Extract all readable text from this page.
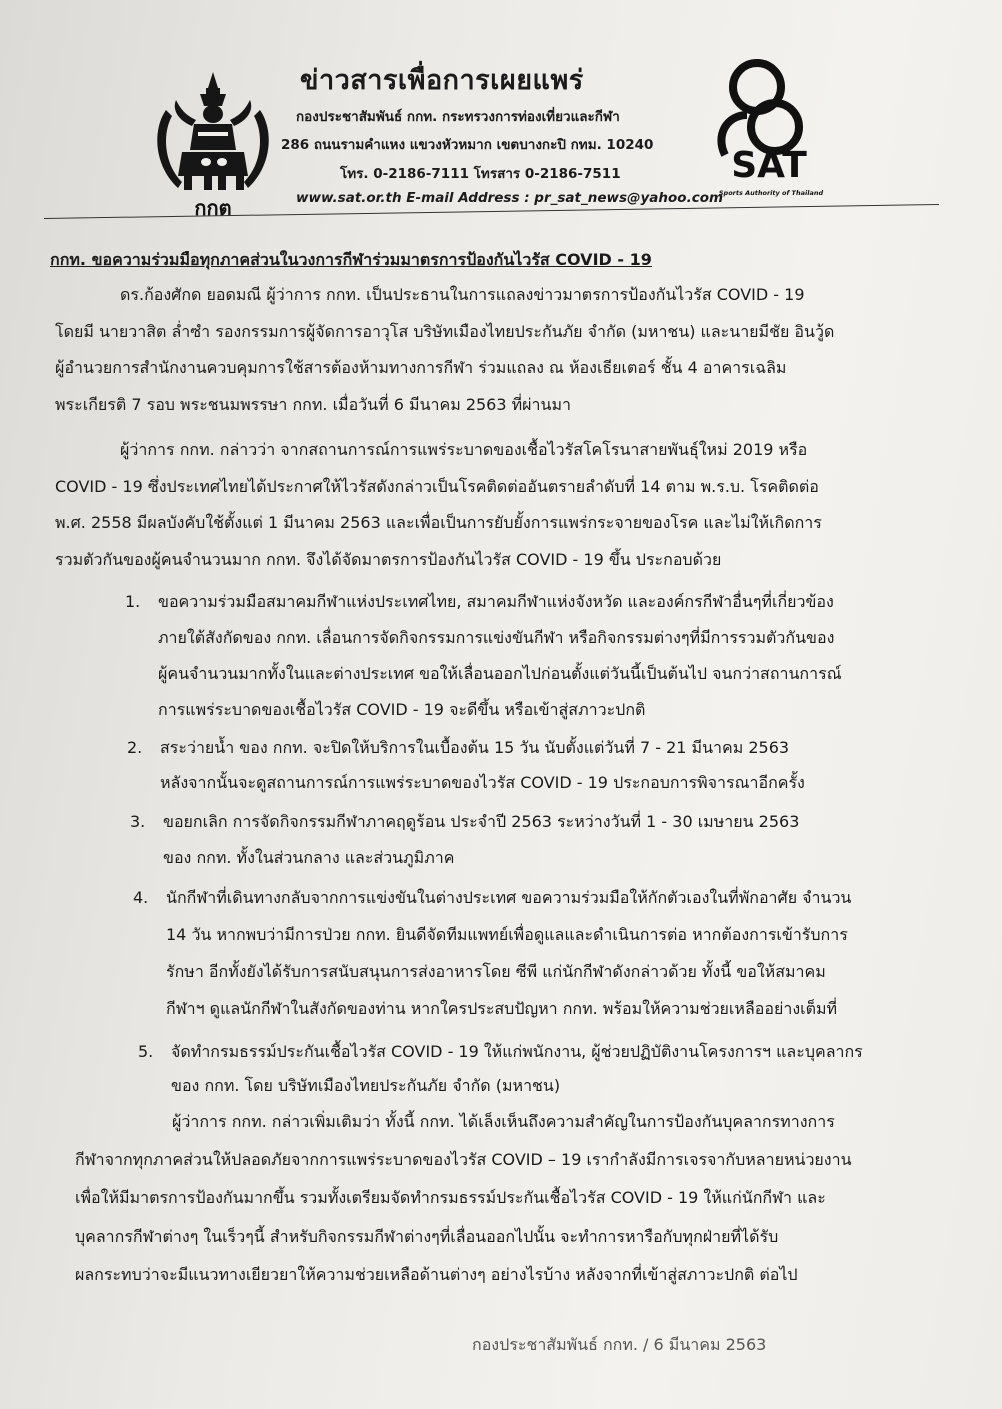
กกต
ข่าวสารเพื่อการเผยแพร่
กองประชาสัมพันธ์ กกท. กระทรวงการท่องเที่ยวและกีฬา
286 ถนนรามคำแหง แขวงหัวหมาก เขตบางกะปิ กทม. 10240
โทร. 0-2186-7111 โทรสาร 0-2186-7511
www.sat.or.th E-mail Address : pr_sat_news@yahoo.com
SAT
Sports Authority of Thailand
กกท. ขอความร่วมมือทุกภาคส่วนในวงการกีฬาร่วมมาตรการป้องกันไวรัส COVID - 19
ดร.ก้องศักด ยอดมณี ผู้ว่าการ กกท. เป็นประธานในการแถลงข่าวมาตรการป้องกันไวรัส COVID - 19
โดยมี นายวาสิต ล่ำซำ รองกรรมการผู้จัดการอาวุโส บริษัทเมืองไทยประกันภัย จำกัด (มหาชน) และนายมีชัย อินวู้ด
ผู้อำนวยการสำนักงานควบคุมการใช้สารต้องห้ามทางการกีฬา ร่วมแถลง ณ ห้องเธียเตอร์ ชั้น 4 อาคารเฉลิม
พระเกียรติ 7 รอบ พระชนมพรรษา กกท. เมื่อวันที่ 6 มีนาคม 2563 ที่ผ่านมา
ผู้ว่าการ กกท. กล่าวว่า จากสถานการณ์การแพร่ระบาดของเชื้อไวรัสโคโรนาสายพันธุ์ใหม่ 2019 หรือ
COVID - 19 ซึ่งประเทศไทยได้ประกาศให้ไวรัสดังกล่าวเป็นโรคติดต่ออันตรายลำดับที่ 14 ตาม พ.ร.บ. โรคติดต่อ
พ.ศ. 2558 มีผลบังคับใช้ตั้งแต่ 1 มีนาคม 2563 และเพื่อเป็นการยับยั้งการแพร่กระจายของโรค และไม่ให้เกิดการ
รวมตัวกันของผู้คนจำนวนมาก กกท. จึงได้จัดมาตรการป้องกันไวรัส COVID - 19 ขึ้น ประกอบด้วย
1. ขอความร่วมมือสมาคมกีฬาแห่งประเทศไทย, สมาคมกีฬาแห่งจังหวัด และองค์กรกีฬาอื่นๆที่เกี่ยวข้อง
ภายใต้สังกัดของ กกท. เลื่อนการจัดกิจกรรมการแข่งขันกีฬา หรือกิจกรรมต่างๆที่มีการรวมตัวกันของ
ผู้คนจำนวนมากทั้งในและต่างประเทศ ขอให้เลื่อนออกไปก่อนตั้งแต่วันนี้เป็นต้นไป จนกว่าสถานการณ์
การแพร่ระบาดของเชื้อไวรัส COVID - 19 จะดีขึ้น หรือเข้าสู่สภาวะปกติ
2. สระว่ายน้ำ ของ กกท. จะปิดให้บริการในเบื้องต้น 15 วัน นับตั้งแต่วันที่ 7 - 21 มีนาคม 2563
หลังจากนั้นจะดูสถานการณ์การแพร่ระบาดของไวรัส COVID - 19 ประกอบการพิจารณาอีกครั้ง
3. ขอยกเลิก การจัดกิจกรรมกีฬาภาคฤดูร้อน ประจำปี 2563 ระหว่างวันที่ 1 - 30 เมษายน 2563
ของ กกท. ทั้งในส่วนกลาง และส่วนภูมิภาค
4. นักกีฬาที่เดินทางกลับจากการแข่งขันในต่างประเทศ ขอความร่วมมือให้กักตัวเองในที่พักอาศัย จำนวน
14 วัน หากพบว่ามีการป่วย กกท. ยินดีจัดทีมแพทย์เพื่อดูแลและดำเนินการต่อ หากต้องการเข้ารับการ
รักษา อีกทั้งยังได้รับการสนับสนุนการส่งอาหารโดย ซีพี แก่นักกีฬาดังกล่าวด้วย ทั้งนี้ ขอให้สมาคม
กีฬาฯ ดูแลนักกีฬาในสังกัดของท่าน หากใครประสบปัญหา กกท. พร้อมให้ความช่วยเหลืออย่างเต็มที่
5. จัดทำกรมธรรม์ประกันเชื้อไวรัส COVID - 19 ให้แก่พนักงาน, ผู้ช่วยปฏิบัติงานโครงการฯ และบุคลากร
ของ กกท. โดย บริษัทเมืองไทยประกันภัย จำกัด (มหาชน)
ผู้ว่าการ กกท. กล่าวเพิ่มเติมว่า ทั้งนี้ กกท. ได้เล็งเห็นถึงความสำคัญในการป้องกันบุคลากรทางการ
กีฬาจากทุกภาคส่วนให้ปลอดภัยจากการแพร่ระบาดของไวรัส COVID – 19 เรากำลังมีการเจรจากับหลายหน่วยงาน
เพื่อให้มีมาตรการป้องกันมากขึ้น รวมทั้งเตรียมจัดทำกรมธรรม์ประกันเชื้อไวรัส COVID - 19 ให้แก่นักกีฬา และ
บุคลากรกีฬาต่างๆ ในเร็วๆนี้ สำหรับกิจกรรมกีฬาต่างๆที่เลื่อนออกไปนั้น จะทำการหารือกับทุกฝ่ายที่ได้รับ
ผลกระทบว่าจะมีแนวทางเยียวยาให้ความช่วยเหลือด้านต่างๆ อย่างไรบ้าง หลังจากที่เข้าสู่สภาวะปกติ ต่อไป
กองประชาสัมพันธ์ กกท. / 6 มีนาคม 2563
